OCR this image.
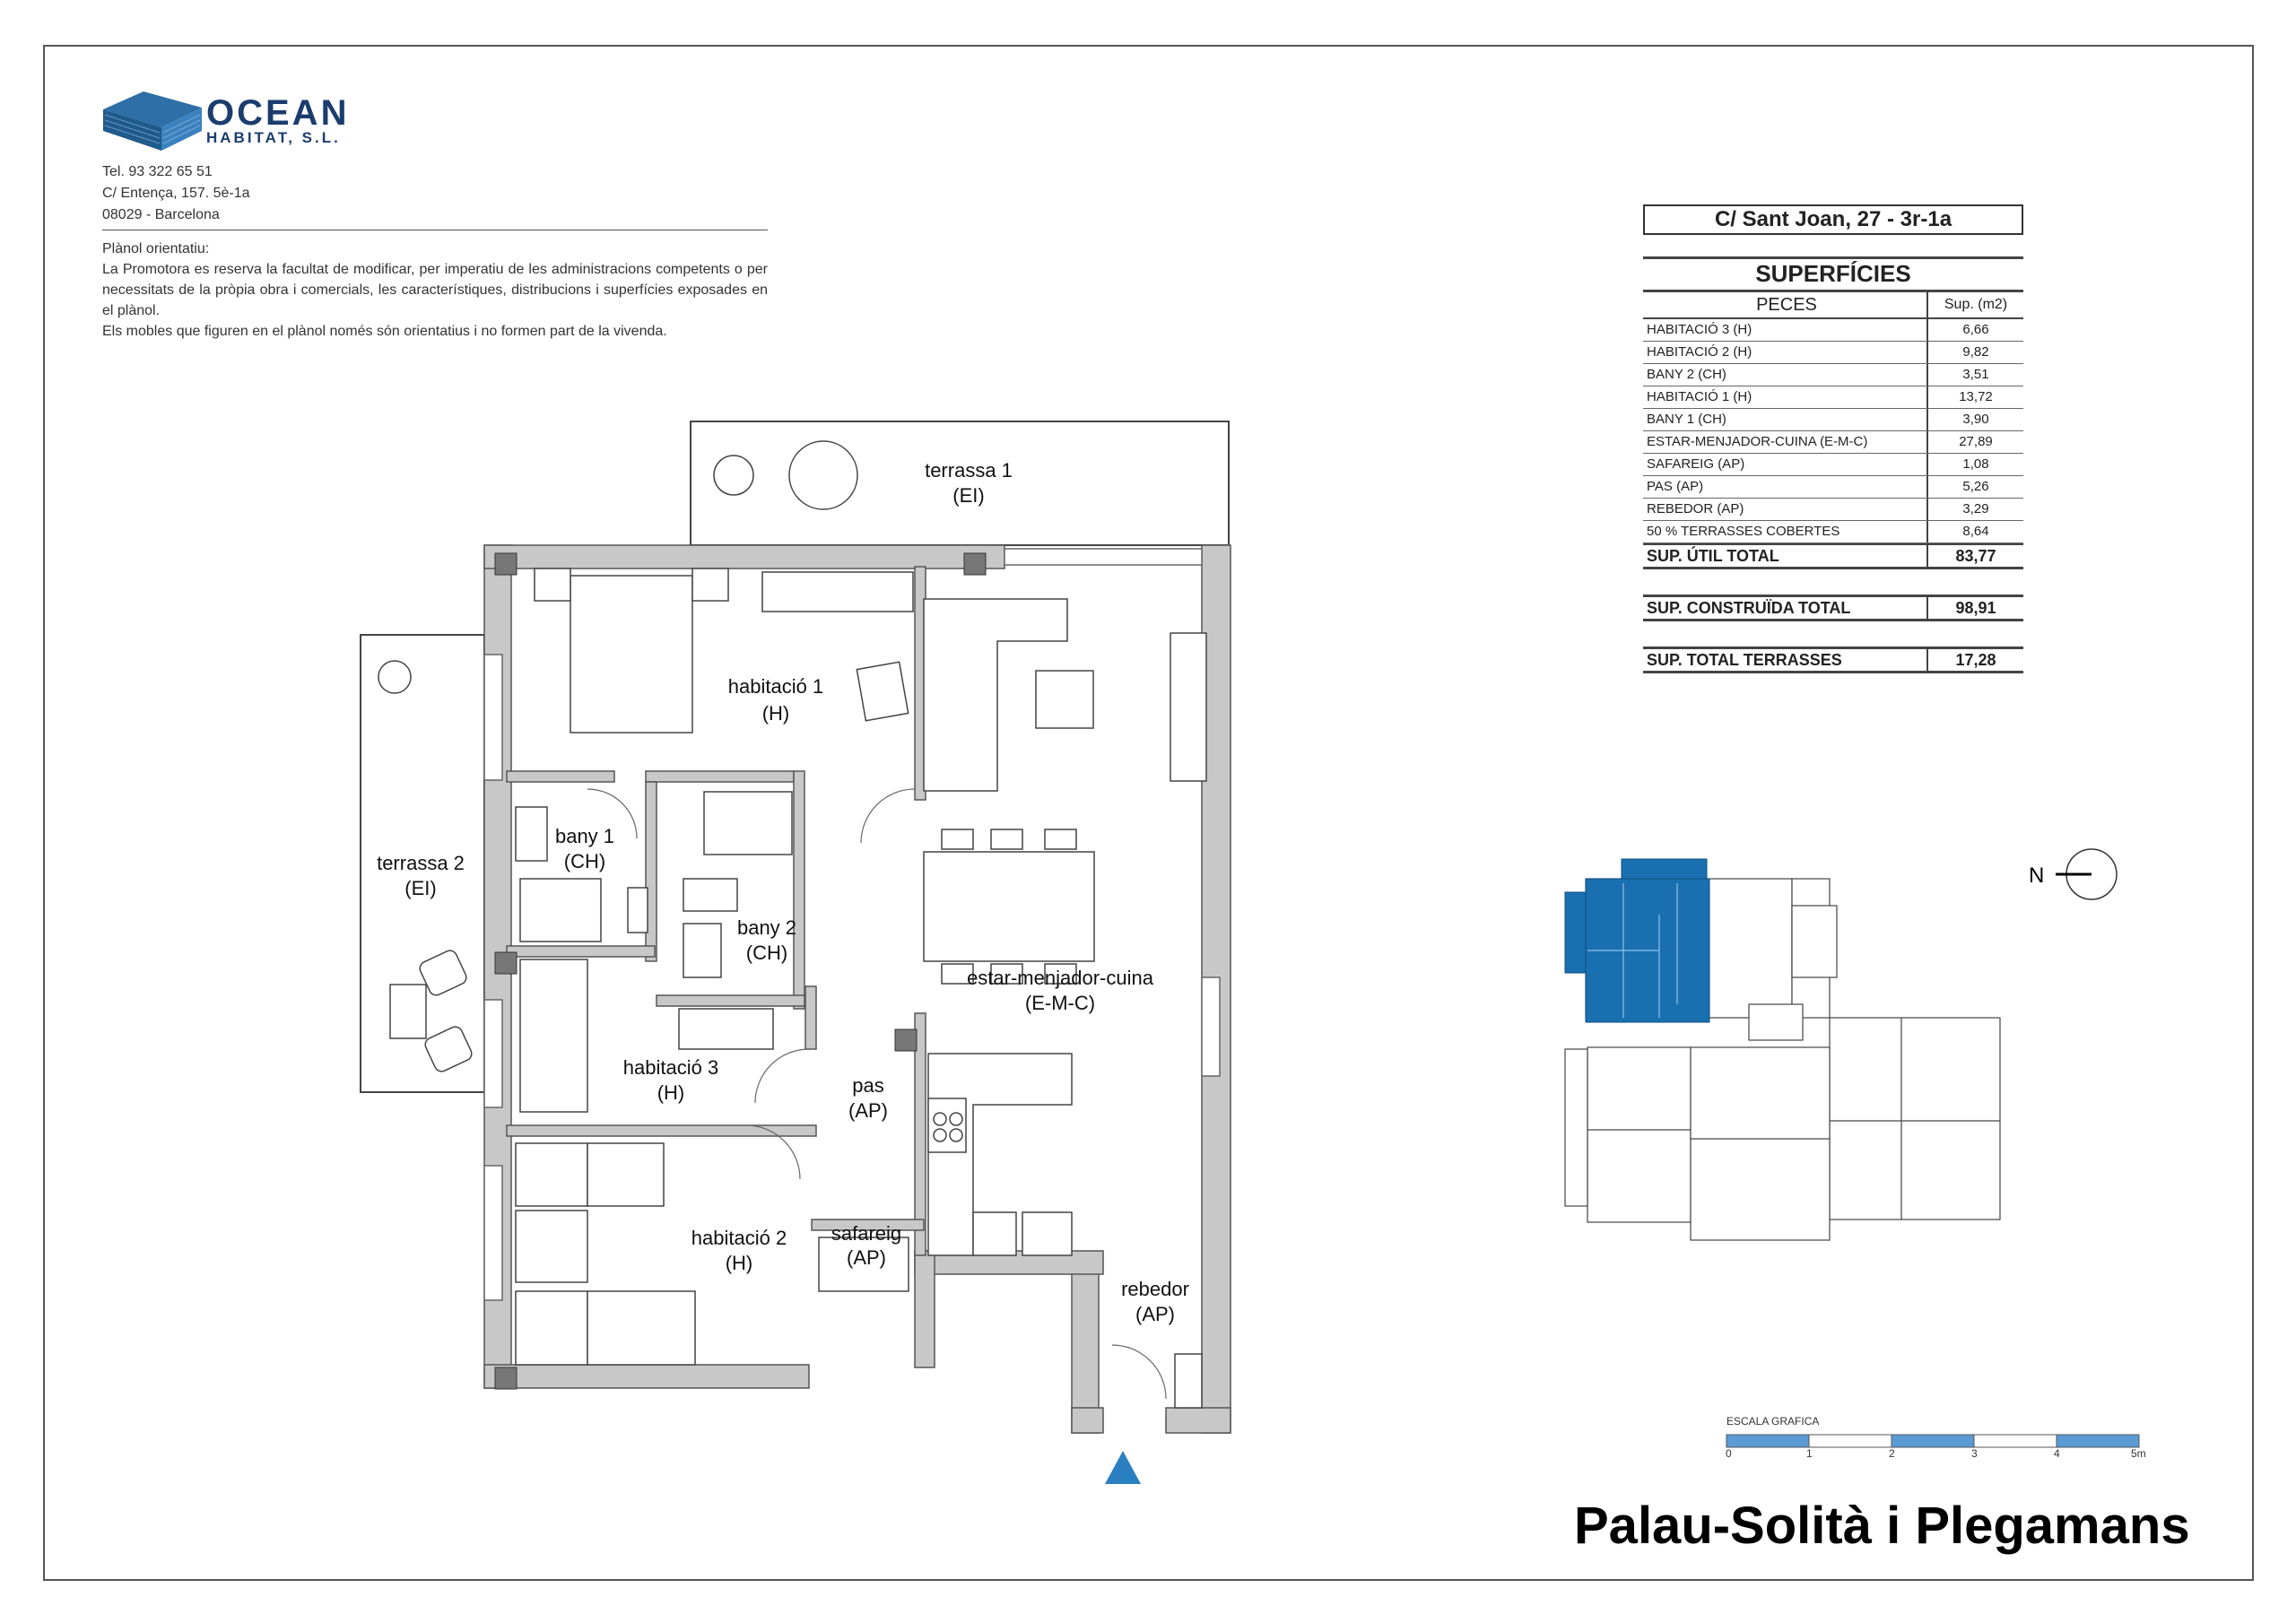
OCEAN
HABITAT, S.L.
Tel. 93 322 65 51
C/ Entença, 157. 5è-1a
08029 - Barcelona
Plànol orientatiu:
La Promotora es reserva la facultat de modificar, per imperatiu de les administracions competents o per necessitats de la pròpia obra i comercials, les característiques, distribucions i superfícies exposades en el plànol.
Els mobles que figuren en el plànol només són orientatius i no formen part de la vivenda.
C/ Sant Joan, 27 - 3r-1a
SUPERFÍCIES
PECES	Sup. (m2)
HABITACIÓ 3 (H)	6,66
HABITACIÓ 2 (H)	9,82
BANY 2 (CH)	3,51
HABITACIÓ 1 (H)	13,72
BANY 1 (CH)	3,90
ESTAR-MENJADOR-CUINA (E-M-C)	27,89
SAFAREIG (AP)	1,08
PAS (AP)	5,26
REBEDOR (AP)	3,29
50 % TERRASSES COBERTES	8,64
SUP. ÚTIL TOTAL	83,77
SUP. CONSTRUÏDA TOTAL	98,91
SUP. TOTAL TERRASSES	17,28
terrassa 1
(EI)
terrassa 2
(EI)
habitació 1
(H)
bany 1
(CH)
bany 2
(CH)
habitació 3
(H)
habitació 2
(H)
pas
(AP)
safareig
(AP)
estar-menjador-cuina
(E-M-C)
rebedor
(AP)
N
ESCALA GRAFICA
0	1	2	3	4	5m
Palau-Solità i Plegamans
